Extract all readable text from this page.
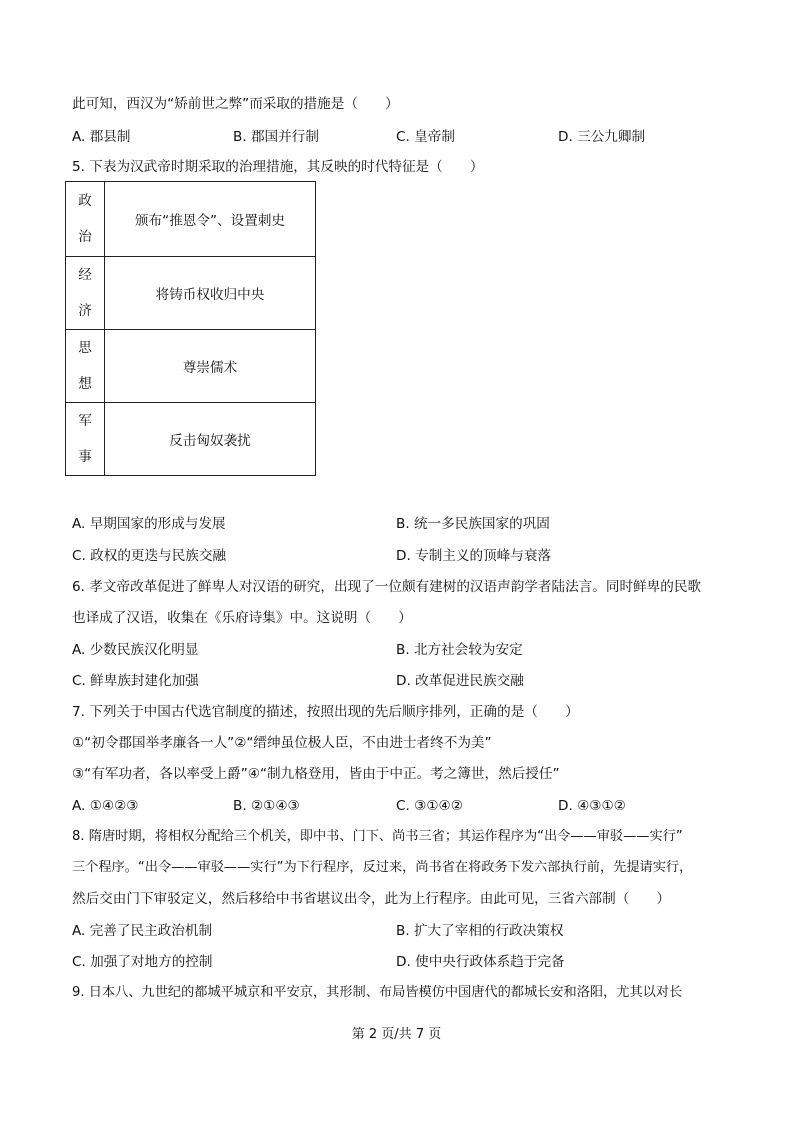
此可知，西汉为“矫前世之弊”而采取的措施是（　　）
A. 郡县制	B. 郡国并行制	C. 皇帝制	D. 三公九卿制
5. 下表为汉武帝时期采取的治理措施，其反映的时代特征是（　　）
政
治	颁布“推恩令”、设置刺史

经
济	将铸币权收归中央

思
想	尊崇儒术

军
事	反击匈奴袭扰
A. 早期国家的形成与发展	B. 统一多民族国家的巩固
C. 政权的更迭与民族交融	D. 专制主义的顶峰与衰落
6. 孝文帝改革促进了鲜卑人对汉语的研究，出现了一位颇有建树的汉语声韵学者陆法言。同时鲜卑的民歌
也译成了汉语，收集在《乐府诗集》中。这说明（　　）
A. 少数民族汉化明显	B. 北方社会较为安定
C. 鲜卑族封建化加强	D. 改革促进民族交融
7. 下列关于中国古代选官制度的描述，按照出现的先后顺序排列，正确的是（　　）
①“初令郡国举孝廉各一人”②“缙绅虽位极人臣，不由进士者终不为美”
③“有军功者，各以率受上爵”④“制九格登用，皆由于中正。考之簿世，然后授任”
A. ①④②③	B. ②①④③	C. ③①④②	D. ④③①②
8. 隋唐时期，将相权分配给三个机关，即中书、门下、尚书三省；其运作程序为“出令——审驳——实行”
三个程序。“出令——审驳——实行”为下行程序，反过来，尚书省在将政务下发六部执行前，先提请实行，
然后交由门下审驳定义，然后移给中书省堪议出令，此为上行程序。由此可见，三省六部制（　　）
A. 完善了民主政治机制	B. 扩大了宰相的行政决策权
C. 加强了对地方的控制	D. 使中央行政体系趋于完备
9. 日本八、九世纪的都城平城京和平安京，其形制、布局皆模仿中国唐代的都城长安和洛阳，尤其以对长
第 2 页/共 7 页
